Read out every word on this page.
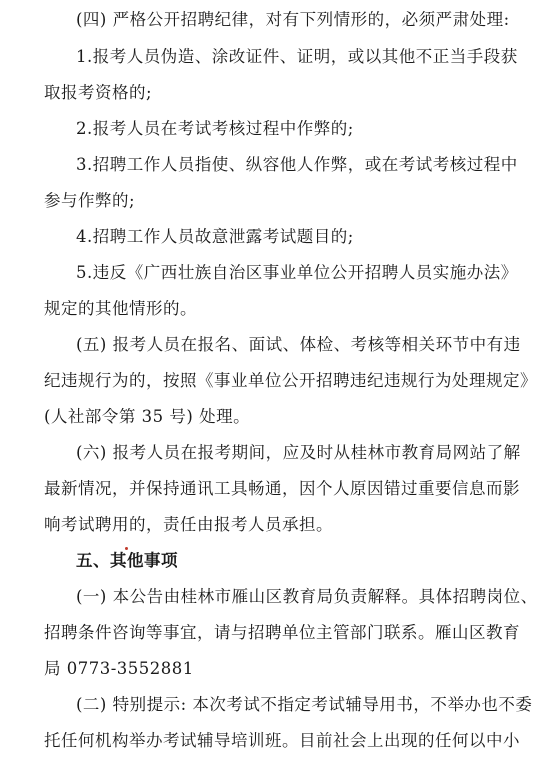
(四) 严格公开招聘纪律，对有下列情形的，必须严肃处理:
1.报考人员伪造、涂改证件、证明，或以其他不正当手段获
取报考资格的;
2.报考人员在考试考核过程中作弊的;
3.招聘工作人员指使、纵容他人作弊，或在考试考核过程中
参与作弊的;
4.招聘工作人员故意泄露考试题目的;
5.违反《广西壮族自治区事业单位公开招聘人员实施办法》
规定的其他情形的。
(五) 报考人员在报名、面试、体检、考核等相关环节中有违
纪违规行为的，按照《事业单位公开招聘违纪违规行为处理规定》
(人社部令第 35 号) 处理。
(六) 报考人员在报考期间，应及时从桂林市教育局网站了解
最新情况，并保持通讯工具畅通，因个人原因错过重要信息而影
响考试聘用的，责任由报考人员承担。
五、其他事项
(一) 本公告由桂林市雁山区教育局负责解释。具体招聘岗位、
招聘条件咨询等事宜，请与招聘单位主管部门联系。雁山区教育
局 0773-3552881
(二) 特别提示: 本次考试不指定考试辅导用书，不举办也不委
托任何机构举办考试辅导培训班。目前社会上出现的任何以中小
